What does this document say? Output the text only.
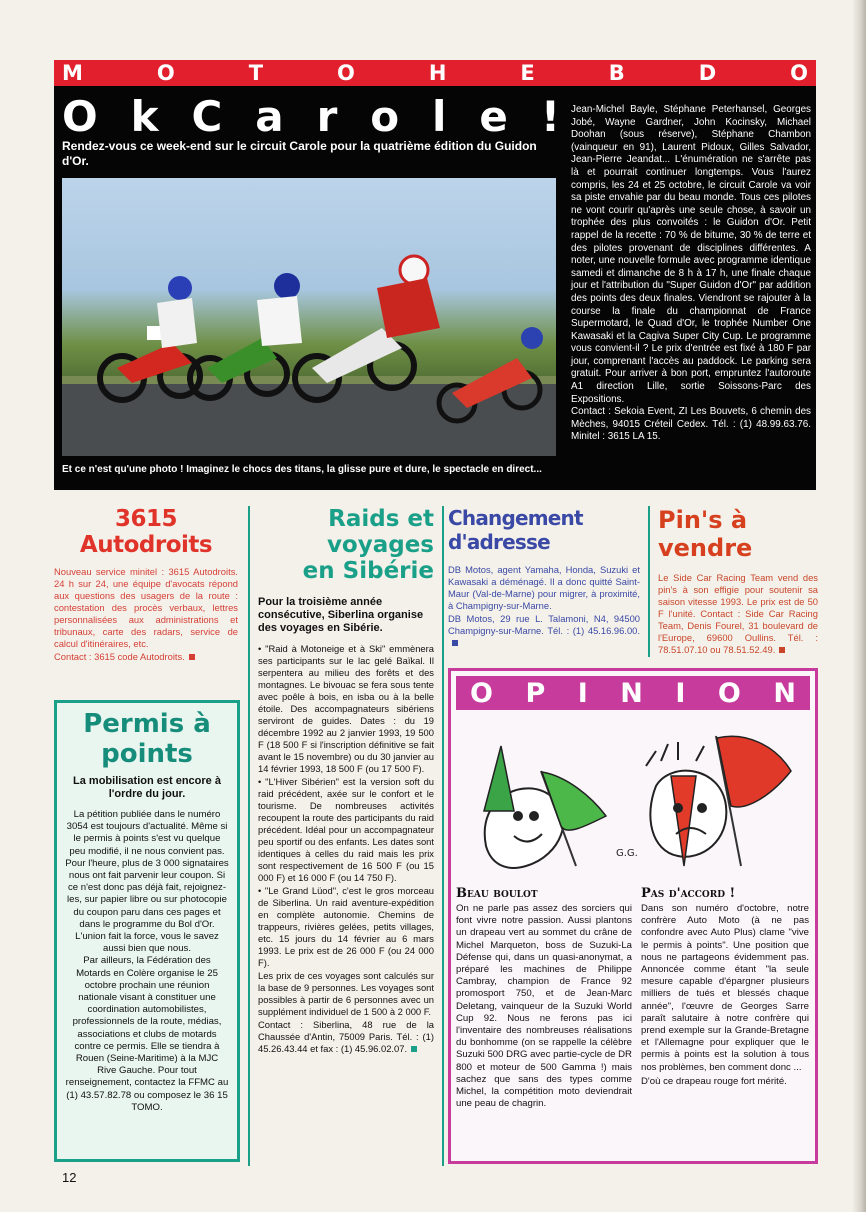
M	O	T	O	H	E	B	D	O
O k C a r o l e !
Rendez-vous ce week-end sur le circuit Carole pour la quatrième édition du Guidon d'Or.
Et ce n'est qu'une photo ! Imaginez le chocs des titans, la glisse pure et dure, le spectacle en direct...

Jean-Michel Bayle, Stéphane Peterhansel, Georges Jobé, Wayne Gardner, John Kocinsky, Michael Doohan (sous réserve), Stéphane Chambon (vainqueur en 91), Laurent Pidoux, Gilles Salvador, Jean-Pierre Jeandat... L'énumération ne s'arrête pas là et pourrait continuer longtemps. Vous l'aurez compris, les 24 et 25 octobre, le circuit Carole va voir sa piste envahie par du beau monde. Tous ces pilotes ne vont courir qu'après une seule chose, à savoir un trophée des plus convoités : le Guidon d'Or. Petit rappel de la recette : 70 % de bitume, 30 % de terre et des pilotes provenant de disciplines différentes. A noter, une nouvelle formule avec programme identique samedi et dimanche de 8 h à 17 h, une finale chaque jour et l'attribution du "Super Guidon d'Or" par addition des points des deux finales. Viendront se rajouter à la course la finale du championnat de France Supermotard, le Quad d'Or, le trophée Number One Kawasaki et la Cagiva Super City Cup. Le programme vous convient-il ? Le prix d'entrée est fixé à 180 F par jour, comprenant l'accès au paddock. Le parking sera gratuit. Pour arriver à bon port, empruntez l'autoroute A1 direction Lille, sortie Soissons-Parc des Expositions.

Contact : Sekoia Event, ZI Les Bouvets, 6 chemin des Mèches, 94015 Créteil Cedex. Tél. : (1) 48.99.63.76. Minitel : 3615 LA 15.

3615 Autodroits

Nouveau service minitel : 3615 Autodroits. 24 h sur 24, une équipe d'avocats répond aux questions des usagers de la route : contestation des procès verbaux, lettres personnalisées aux administrations et tribunaux, carte des radars, service de calcul d'itinéraires, etc.

Contact : 3615 code Autodroits.

Permis à points
La mobilisation est encore à l'ordre du jour.

La pétition publiée dans le numéro 3054 est toujours d'actualité. Même si le permis à points s'est vu quelque peu modifié, il ne nous convient pas. Pour l'heure, plus de 3 000 signataires nous ont fait parvenir leur coupon. Si ce n'est donc pas déjà fait, rejoignez-les, sur papier libre ou sur photocopie du coupon paru dans ces pages et dans le programme du Bol d'Or. L'union fait la force, vous le savez aussi bien que nous.

Par ailleurs, la Fédération des Motards en Colère organise le 25 octobre prochain une réunion nationale visant à constituer une coordination automobilistes, professionnels de la route, médias, associations et clubs de motards contre ce permis. Elle se tiendra à Rouen (Seine-Maritime) à la MJC Rive Gauche. Pour tout renseignement, contactez la FFMC au (1) 43.57.82.78 ou composez le 36 15 TOMO.

Raids et voyages
en Sibérie
Pour la troisième année consécutive, Siberlina organise des voyages en Sibérie.

• "Raid à Motoneige et à Ski" emmènera ses participants sur le lac gelé Baïkal. Il serpentera au milieu des forêts et des montagnes. Le bivouac se fera sous tente avec poêle à bois, en isba ou à la belle étoile. Des accompagnateurs sibériens serviront de guides. Dates : du 19 décembre 1992 au 2 janvier 1993, 19 500 F (18 500 F si l'inscription définitive se fait avant le 15 novembre) ou du 30 janvier au 14 février 1993, 18 500 F (ou 17 500 F).

• "L'Hiver Sibérien" est la version soft du raid précédent, axée sur le confort et le tourisme. De nombreuses activités recoupent la route des participants du raid précédent. Idéal pour un accompagnateur peu sportif ou des enfants. Les dates sont identiques à celles du raid mais les prix sont respectivement de 16 500 F (ou 15 000 F) et 16 000 F (ou 14 750 F).

• "Le Grand Lüod", c'est le gros morceau de Siberlina. Un raid aventure-expédition en complète autonomie. Chemins de trappeurs, rivières gelées, petits villages, etc. 15 jours du 14 février au 6 mars 1993. Le prix est de 26 000 F (ou 24 000 F).

Les prix de ces voyages sont calculés sur la base de 9 personnes. Les voyages sont possibles à partir de 6 personnes avec un supplément individuel de 1 500 à 2 000 F.

Contact : Siberlina, 48 rue de la Chaussée d'Antin, 75009 Paris. Tél. : (1) 45.26.43.44 et fax : (1) 45.96.02.07.

Changement d'adresse

DB Motos, agent Yamaha, Honda, Suzuki et Kawasaki a déménagé. Il a donc quitté Saint-Maur (Val-de-Marne) pour migrer, à proximité, à Champigny-sur-Marne.

DB Motos, 29 rue L. Talamoni, N4, 94500 Champigny-sur-Marne. Tél. : (1) 45.16.96.00.

Pin's à vendre

Le Side Car Racing Team vend des pin's à son effigie pour soutenir sa saison vitesse 1993. Le prix est de 50 F l'unité. Contact : Side Car Racing Team, Denis Fourel, 31 boulevard de l'Europe, 69600 Oullins. Tél. : 78.51.07.10 ou 78.51.52.49.

O P I N I O N
G.G.
Beau boulot
On ne parle pas assez des sorciers qui font vivre notre passion. Aussi plantons un drapeau vert au sommet du crâne de Michel Marqueton, boss de Suzuki-La Défense qui, dans un quasi-anonymat, a préparé les machines de Philippe Cambray, champion de France 92 promosport 750, et de Jean-Marc Deletang, vainqueur de la Suzuki World Cup 92. Nous ne ferons pas ici l'inventaire des nombreuses réalisations du bonhomme (on se rappelle la célèbre Suzuki 500 DRG avec partie-cycle de DR 800 et moteur de 500 Gamma !) mais sachez que sans des types comme Michel, la compétition moto deviendrait une peau de chagrin.
Pas d'accord !
Dans son numéro d'octobre, notre confrère Auto Moto (à ne pas confondre avec Auto Plus) clame "vive le permis à points". Une position que nous ne partageons évidemment pas. Annoncée comme étant "la seule mesure capable d'épargner plusieurs milliers de tués et blessés chaque année", l'œuvre de Georges Sarre paraît salutaire à notre confrère qui prend exemple sur la Grande-Bretagne et l'Allemagne pour expliquer que le permis à points est la solution à tous nos problèmes, ben comment donc ...
D'où ce drapeau rouge fort mérité.
12
